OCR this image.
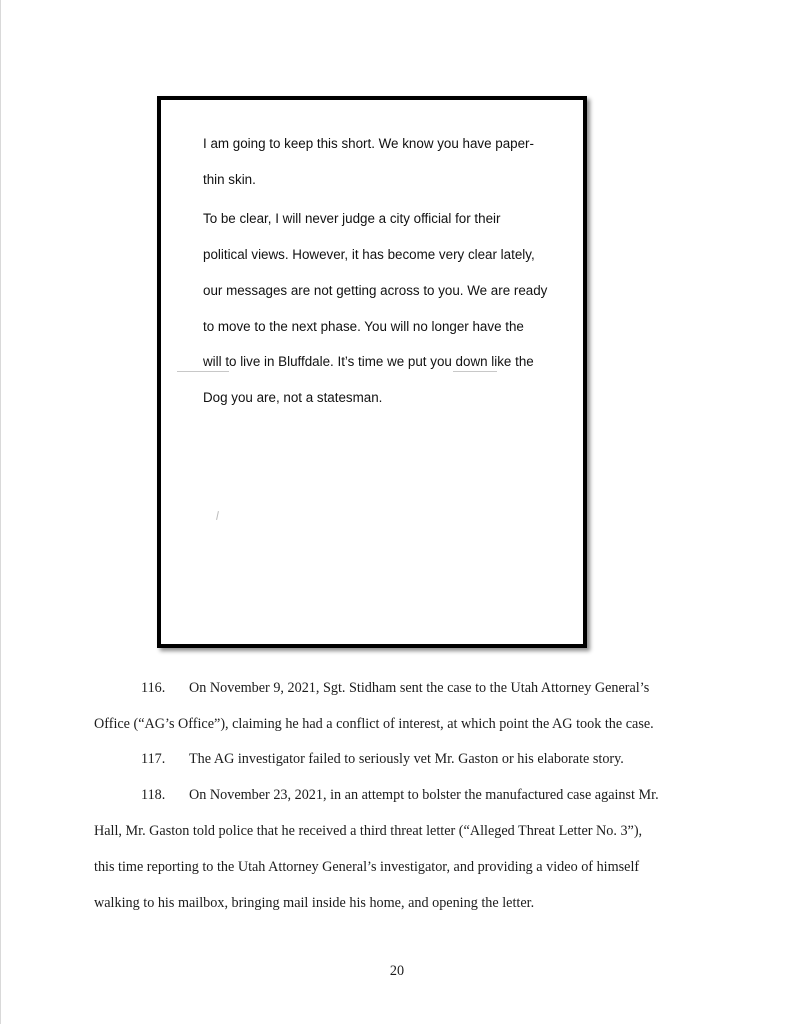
I am going to keep this short. We know you have paper-
thin skin.
To be clear, I will never judge a city official for their
political views. However, it has become very clear lately,
our messages are not getting across to you. We are ready
to move to the next phase. You will no longer have the
will to live in Bluffdale. It’s time we put you down like the
Dog you are, not a statesman.
116. On November 9, 2021, Sgt. Stidham sent the case to the Utah Attorney General’s
Office (“AG’s Office”), claiming he had a conflict of interest, at which point the AG took the case.
117. The AG investigator failed to seriously vet Mr. Gaston or his elaborate story.
118. On November 23, 2021, in an attempt to bolster the manufactured case against Mr.
Hall, Mr. Gaston told police that he received a third threat letter (“Alleged Threat Letter No. 3”),
this time reporting to the Utah Attorney General’s investigator, and providing a video of himself
walking to his mailbox, bringing mail inside his home, and opening the letter.
20
